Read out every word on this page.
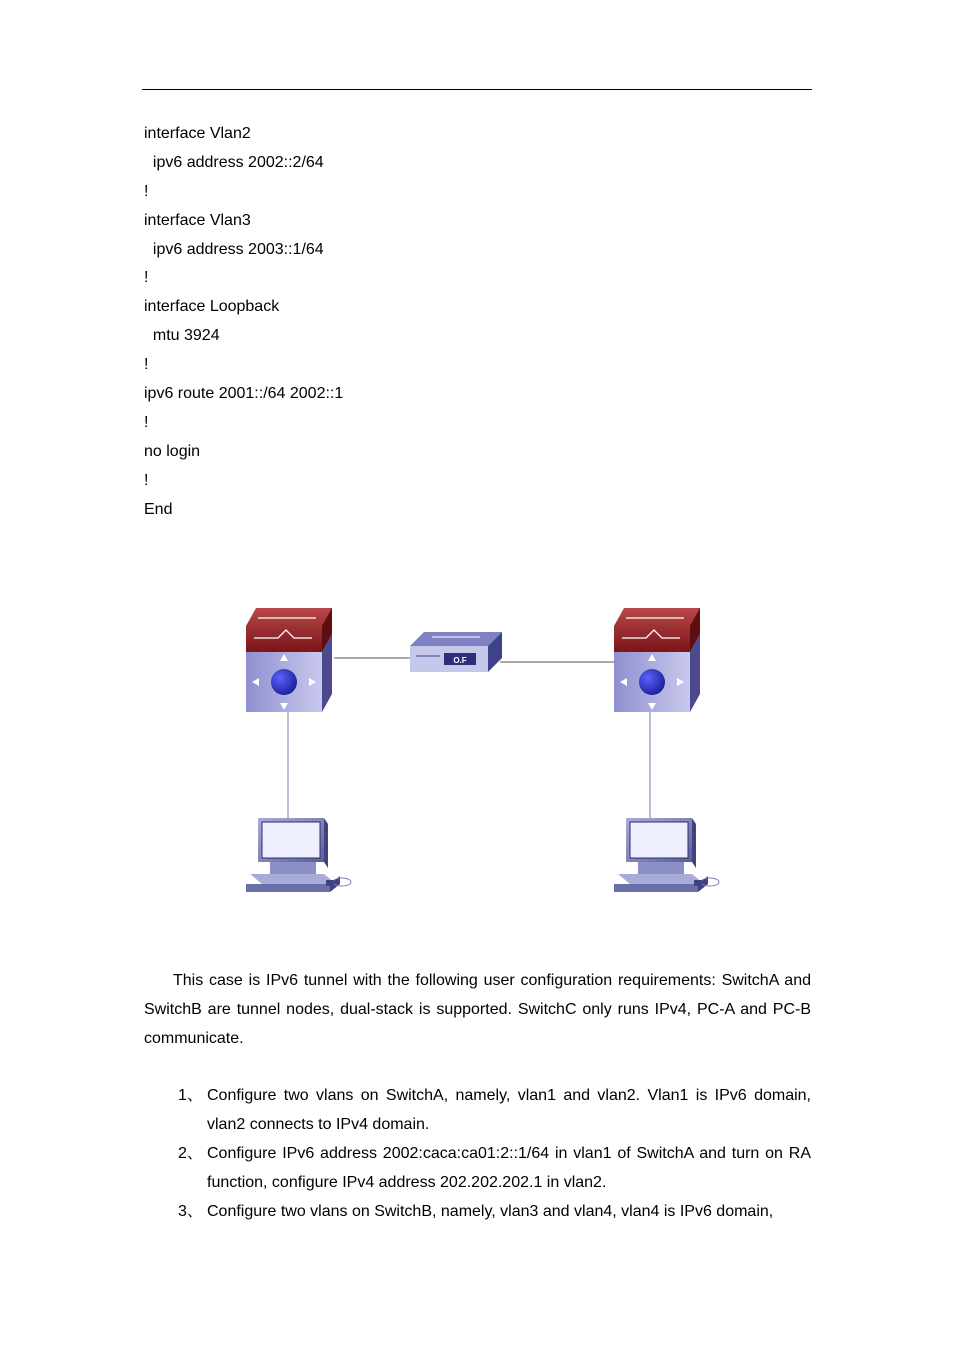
interface Vlan2
ipv6 address 2002::2/64
!
interface Vlan3
ipv6 address 2003::1/64
!
interface Loopback
mtu 3924
!
ipv6 route 2001::/64 2002::1
!
no login
!
End
O.F

This case is IPv6 tunnel with the following user configuration requirements: SwitchA and SwitchB are tunnel nodes, dual-stack is supported. SwitchC only runs IPv4, PC-A and PC-B communicate.

1、 Configure two vlans on SwitchA, namely, vlan1 and vlan2. Vlan1 is IPv6 domain, vlan2 connects to IPv4 domain.
2、 Configure IPv6 address 2002:caca:ca01:2::1/64 in vlan1 of SwitchA and turn on RA function, configure IPv4 address 202.202.202.1 in vlan2.
3、 Configure two vlans on SwitchB, namely, vlan3 and vlan4, vlan4 is IPv6 domain,
